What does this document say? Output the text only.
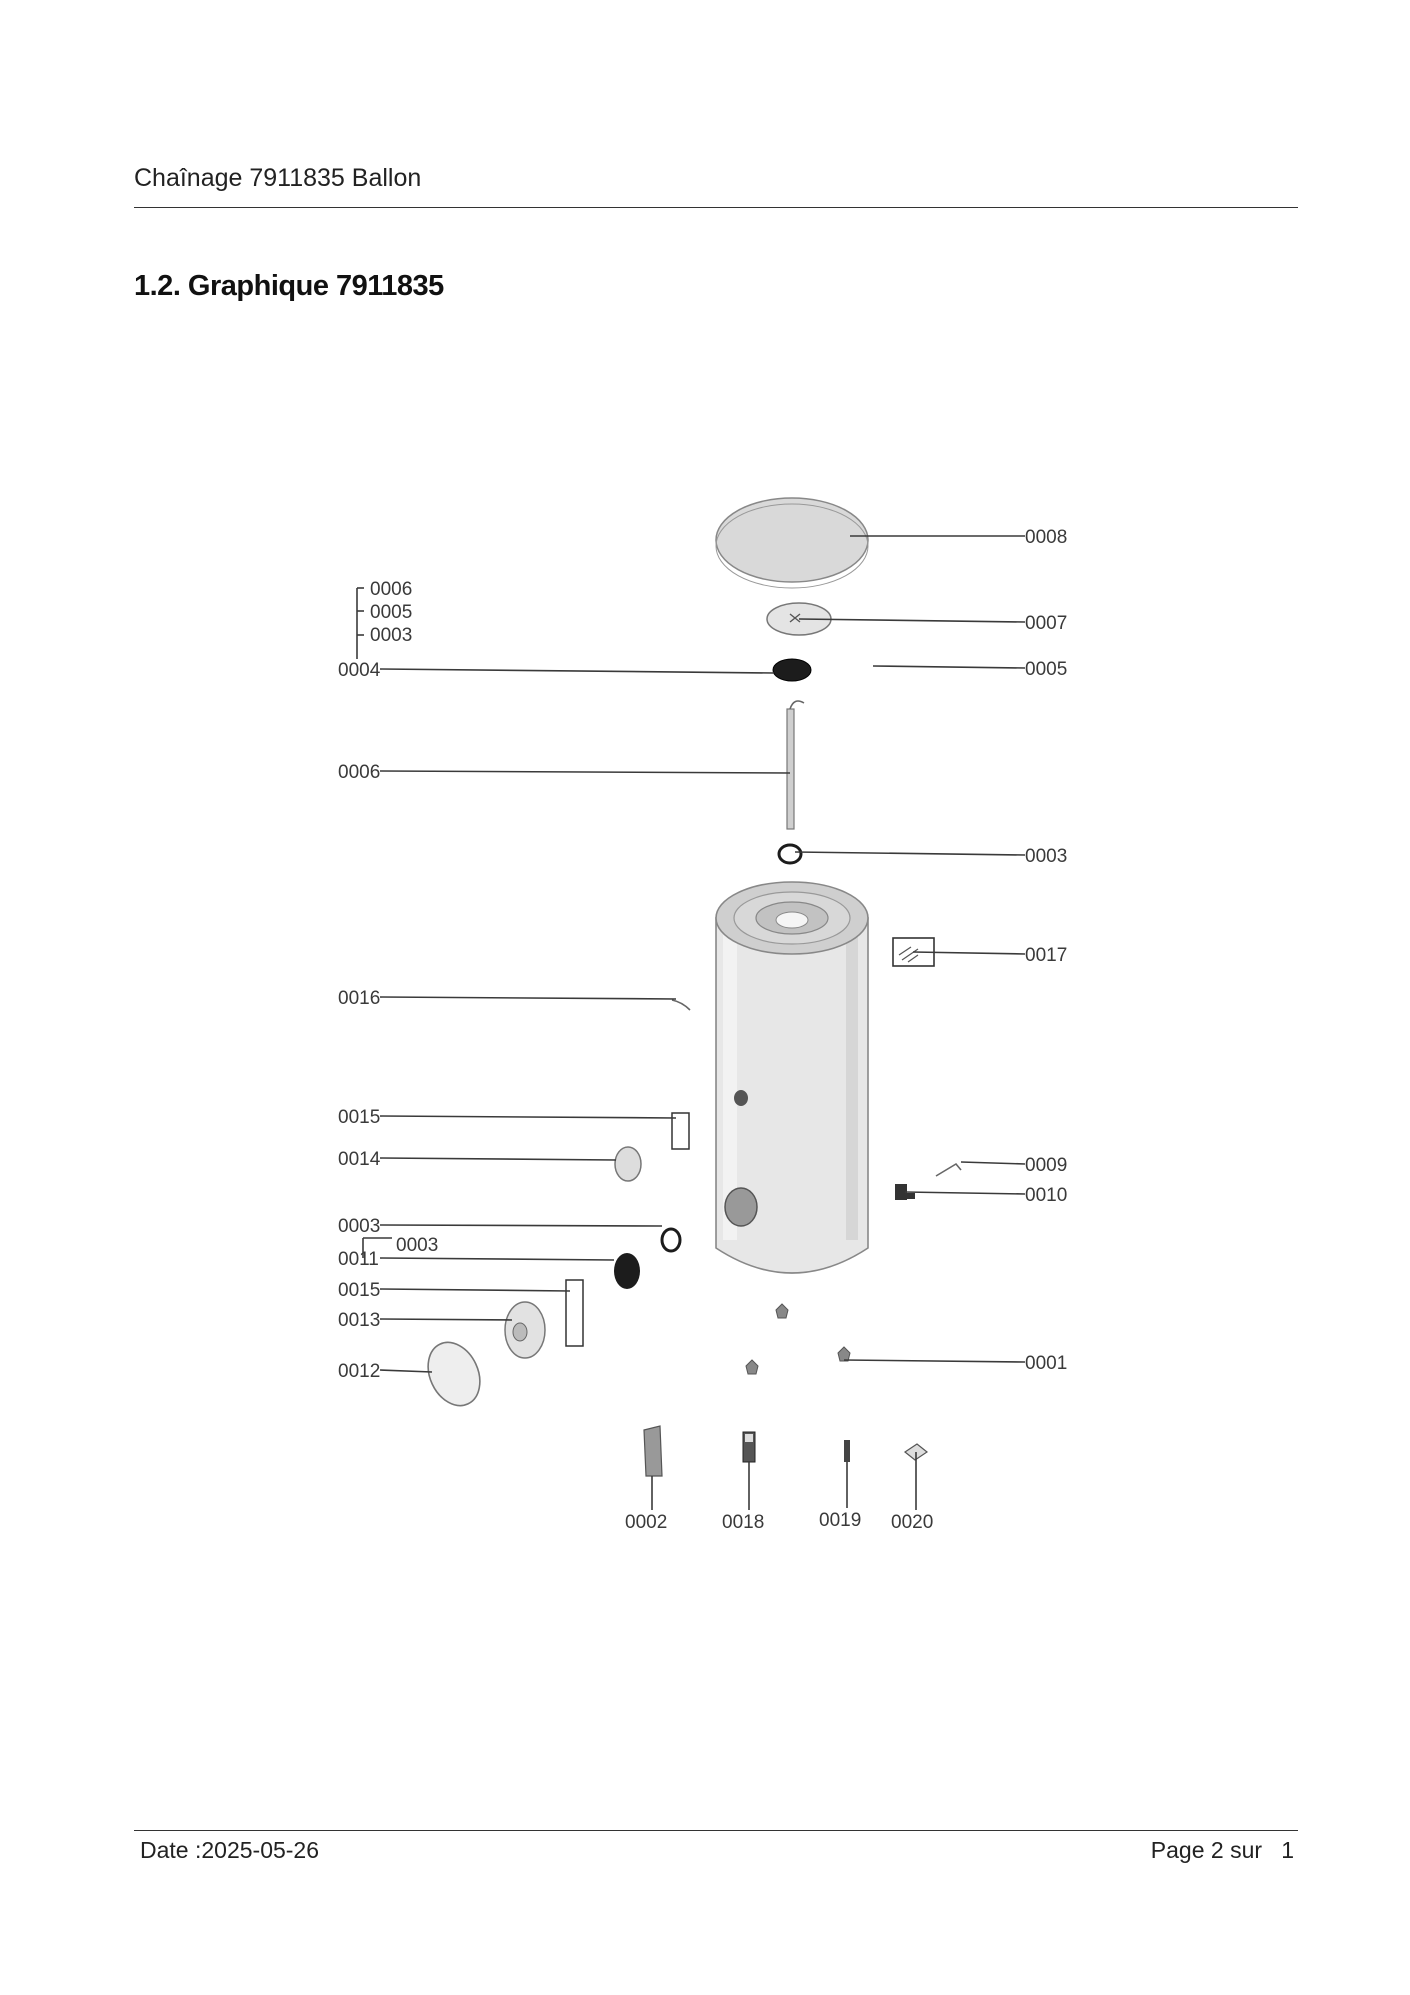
Chaînage 7911835 Ballon
1.2. Graphique 7911835
0006
0005
0003
0004
0006
0016
0015
0014
0003
0003
0011
0015
0013
0012
0008
0007
0005
0003
0017
0009
0010
0001
0002	0018	0019 0020
Date :2025-05-26	Page 2 sur   1
